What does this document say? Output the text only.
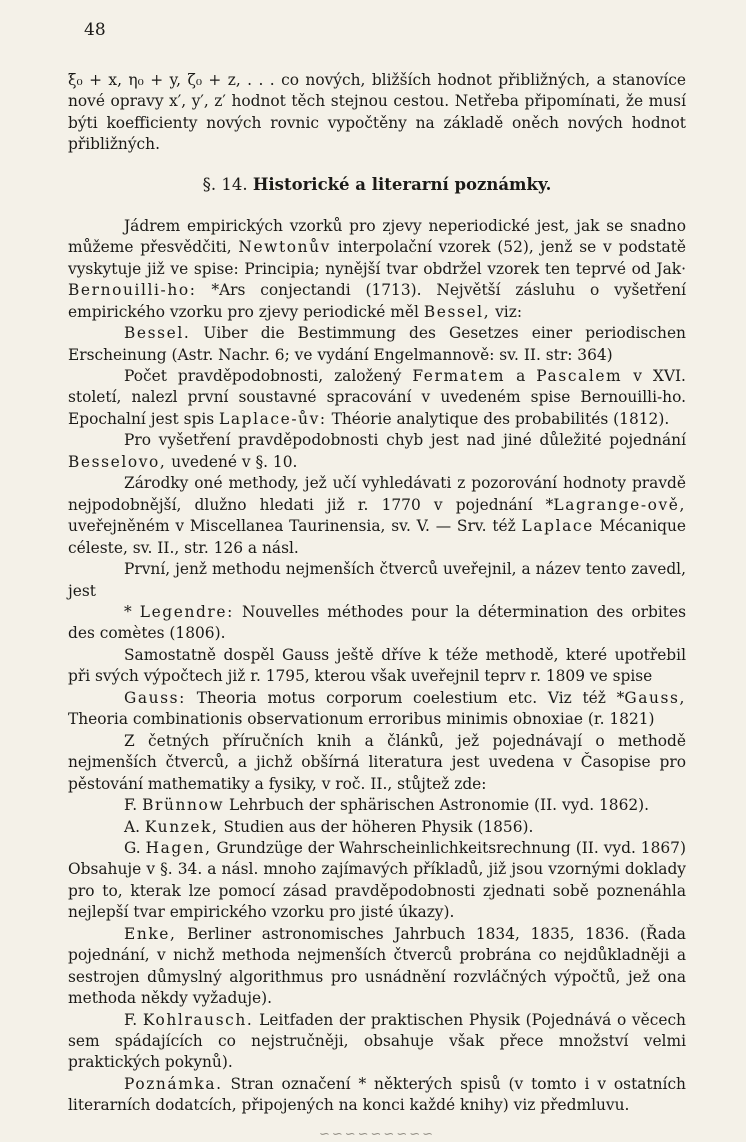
48

ξ₀ + x, η₀ + y, ζ₀ + z, . . . co nových, bližších hodnot přibližných, a stanovíce nové opravy x′, y′, z′ hodnot těch stejnou cestou. Netřeba připomínati, že musí býti koefficienty nových rovnic vypočtěny na základě oněch nových hodnot přibližných.

§. 14. Historické a literarní poznámky.

Jádrem empirických vzorků pro zjevy neperiodické jest, jak se snadno můžeme přesvědčiti, Newtonův interpolační vzorek (52), jenž se v podstatě vyskytuje již ve spise: Principia; nynější tvar obdržel vzorek ten teprvé od Jak· Bernouilli-ho: *Ars conjectandi (1713). Největší zásluhu o vyšetření empirického vzorku pro zjevy periodické měl Bessel, viz:

Bessel. Uiber die Bestimmung des Gesetzes einer periodischen Erscheinung (Astr. Nachr. 6; ve vydání Engelmannově: sv. II. str: 364)

Počet pravděpodobnosti, založený Fermatem a Pascalem v XVI. století, nalezl první soustavné spracování v uvedeném spise Bernouilli-ho. Epochalní jest spis Laplace-ův: Théorie analytique des probabilités (1812).

Pro vyšetření pravděpodobnosti chyb jest nad jiné důležité pojednání Besselovo, uvedené v §. 10.

Zárodky oné methody, jež učí vyhledávati z pozorování hodnoty pravdě nejpodobnější, dlužno hledati již r. 1770 v pojednání *Lagrange-ově, uveřejněném v Miscellanea Taurinensia, sv. V. — Srv. též Laplace Mécanique céleste, sv. II., str. 126 a násl.

První, jenž methodu nejmenších čtverců uveřejnil, a název tento zavedl, jest

* Legendre: Nouvelles méthodes pour la détermination des orbites des comètes (1806).

Samostatně dospěl Gauss ještě dříve k téže methodě, které upotřebil při svých výpočtech již r. 1795, kterou však uveřejnil teprv r. 1809 ve spise

Gauss: Theoria motus corporum coelestium etc. Viz též *Gauss, Theoria combinationis observationum erroribus minimis obnoxiae (r. 1821)

Z četných příručních knih a článků, jež pojednávají o methodě nejmenších čtverců, a jichž obšírná literatura jest uvedena v Časopise pro pěstování mathematiky a fysiky, v roč. II., stůjtež zde:

F. Brünnow Lehrbuch der sphärischen Astronomie (II. vyd. 1862).

A. Kunzek, Studien aus der höheren Physik (1856).

G. Hagen, Grundzüge der Wahrscheinlichkeitsrechnung (II. vyd. 1867) Obsahuje v §. 34. a násl. mnoho zajímavých příkladů, již jsou vzornými doklady pro to, kterak lze pomocí zásad pravděpodobnosti zjednati sobě poznenáhla nejlepší tvar empirického vzorku pro jisté úkazy).

Enke, Berliner astronomisches Jahrbuch 1834, 1835, 1836. (Řada pojednání, v nichž methoda nejmenších čtverců probrána co nejdůkladněji a sestrojen důmyslný algorithmus pro usnádnění rozvláčných výpočtů, jež ona methoda někdy vyžaduje).

F. Kohlrausch. Leitfaden der praktischen Physik (Pojednává o věcech sem spádajících co nejstručněji, obsahuje však přece množství velmi praktických pokynů).

Poznámka. Stran označení * některých spisů (v tomto i v ostatních literarních dodatcích, připojených na konci každé knihy) viz předmluvu.

∽∽∽∽∽∽∽∽∽
